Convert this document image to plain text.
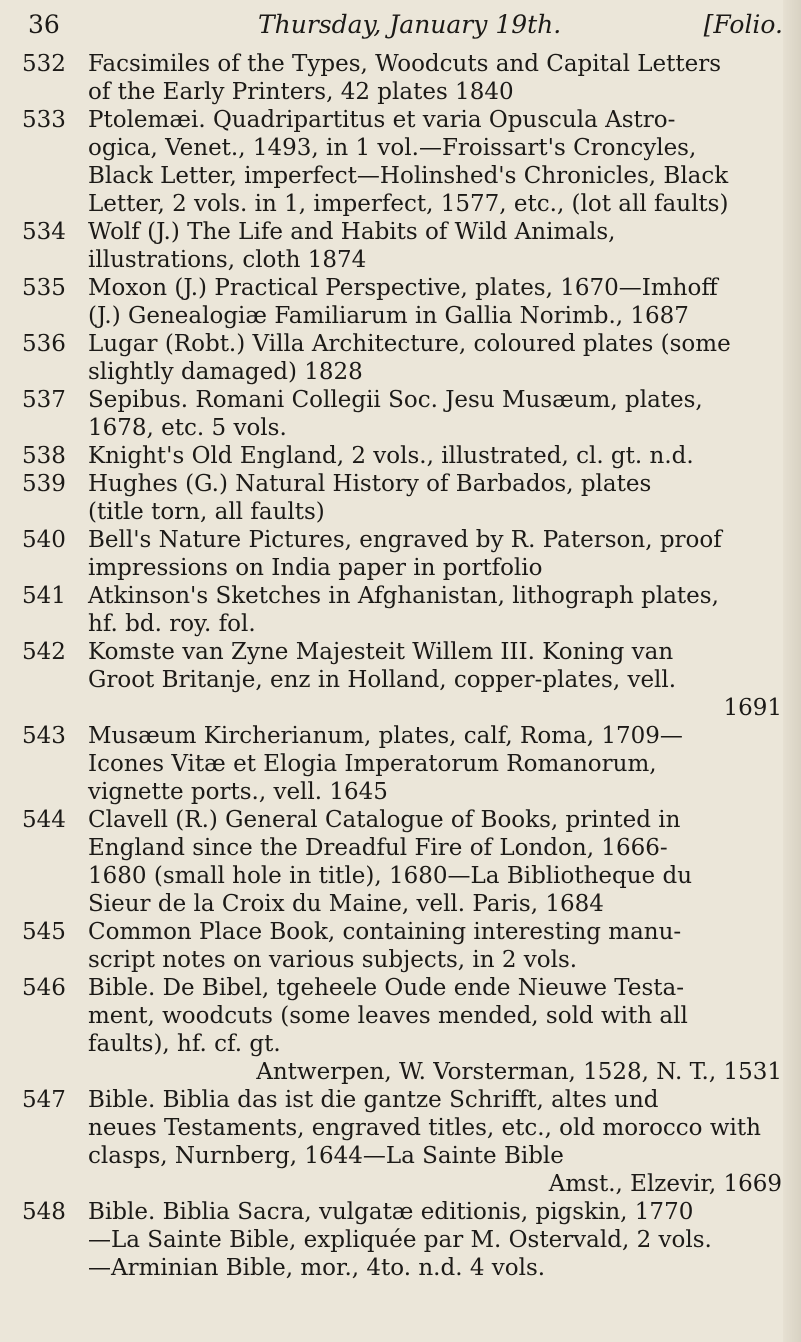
36	Thursday, January 19th.	[Folio.
532 Facsimiles of the Types, Woodcuts and Capital Letters
of the Early Printers, 42 plates 1840
533 Ptolemæi. Quadripartitus et varia Opuscula Astro-
ogica, Venet., 1493, in 1 vol.—Froissart's Croncyles,
Black Letter, imperfect—Holinshed's Chronicles, Black
Letter, 2 vols. in 1, imperfect, 1577, etc., (lot all faults)
534 Wolf (J.) The Life and Habits of Wild Animals,
illustrations, cloth 1874
535 Moxon (J.) Practical Perspective, plates, 1670—Imhoff
(J.) Genealogiæ Familiarum in Gallia Norimb., 1687
536 Lugar (Robt.) Villa Architecture, coloured plates (some
slightly damaged) 1828
537 Sepibus. Romani Collegii Soc. Jesu Musæum, plates,
1678, etc. 5 vols.
538 Knight's Old England, 2 vols., illustrated, cl. gt. n.d.
539 Hughes (G.) Natural History of Barbados, plates
(title torn, all faults)
540 Bell's Nature Pictures, engraved by R. Paterson, proof
impressions on India paper in portfolio
541 Atkinson's Sketches in Afghanistan, lithograph plates,
hf. bd. roy. fol.
542 Komste van Zyne Majesteit Willem III. Koning van
Groot Britanje, enz in Holland, copper-plates, vell.
1691
543 Musæum Kircherianum, plates, calf, Roma, 1709—
Icones Vitæ et Elogia Imperatorum Romanorum,
vignette ports., vell. 1645
544 Clavell (R.) General Catalogue of Books, printed in
England since the Dreadful Fire of London, 1666-
1680 (small hole in title), 1680—La Bibliotheque du
Sieur de la Croix du Maine, vell. Paris, 1684
545 Common Place Book, containing interesting manu-
script notes on various subjects, in 2 vols.
546 Bible. De Bibel, tgeheele Oude ende Nieuwe Testa-
ment, woodcuts (some leaves mended, sold with all
faults), hf. cf. gt.
Antwerpen, W. Vorsterman, 1528, N. T., 1531
547 Bible. Biblia das ist die gantze Schrifft, altes und
neues Testaments, engraved titles, etc., old morocco with
clasps, Nurnberg, 1644—La Sainte Bible
Amst., Elzevir, 1669
548 Bible. Biblia Sacra, vulgatæ editionis, pigskin, 1770
—La Sainte Bible, expliquée par M. Ostervald, 2 vols.
—Arminian Bible, mor., 4to. n.d. 4 vols.
